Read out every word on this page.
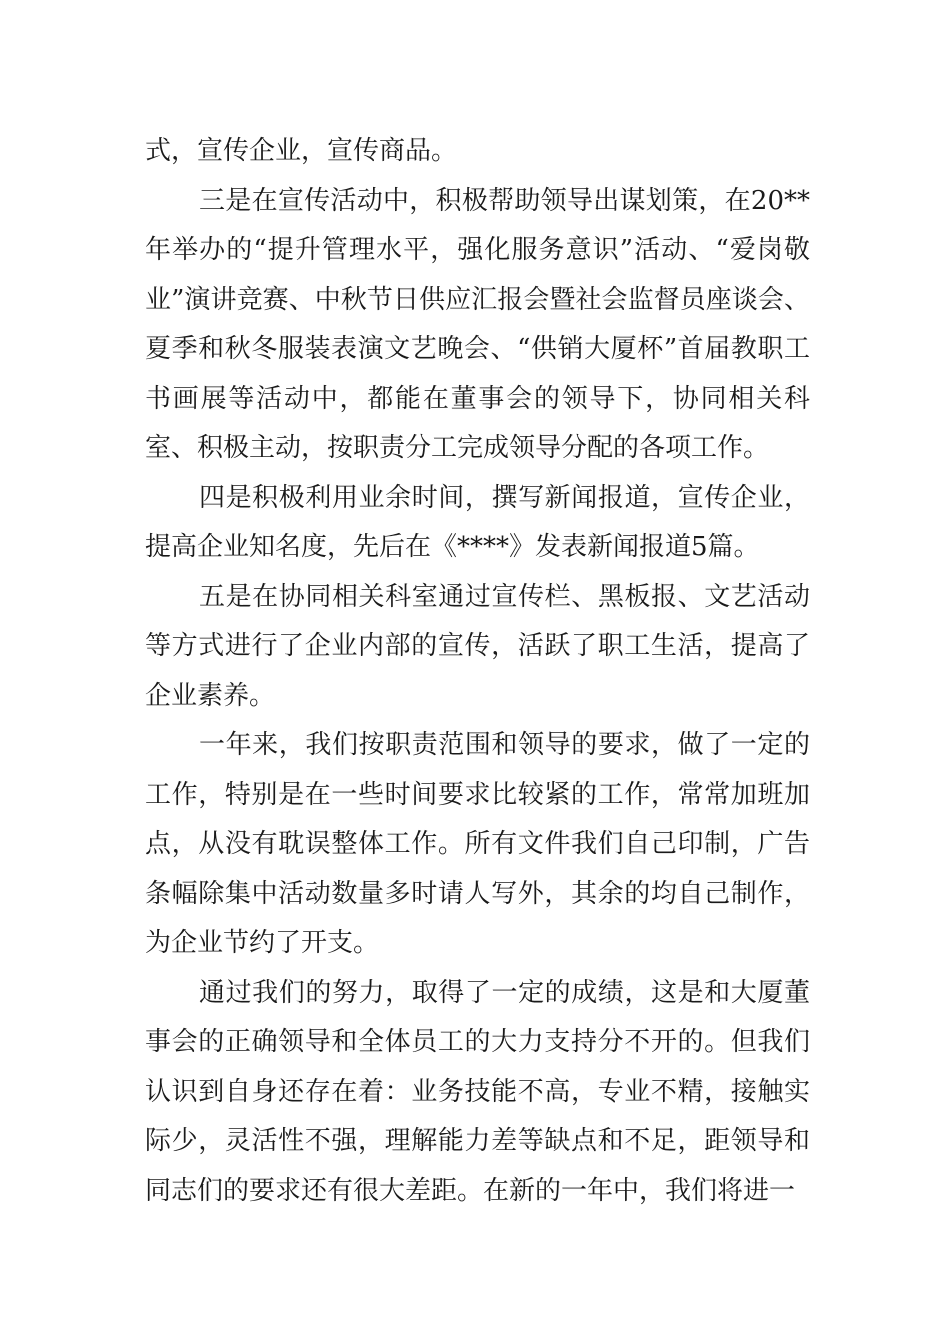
式，宣传企业，宣传商品。

三是在宣传活动中，积极帮助领导出谋划策，在20**年举办的“提升管理水平，强化服务意识”活动、“爱岗敬业”演讲竞赛、中秋节日供应汇报会暨社会监督员座谈会、夏季和秋冬服装表演文艺晚会、“供销大厦杯”首届教职工书画展等活动中，都能在董事会的领导下，协同相关科室、积极主动，按职责分工完成领导分配的各项工作。

四是积极利用业余时间，撰写新闻报道，宣传企业，提高企业知名度，先后在《****》发表新闻报道5篇。

五是在协同相关科室通过宣传栏、黑板报、文艺活动等方式进行了企业内部的宣传，活跃了职工生活，提高了企业素养。

一年来，我们按职责范围和领导的要求，做了一定的工作，特别是在一些时间要求比较紧的工作，常常加班加点，从没有耽误整体工作。所有文件我们自己印制，广告条幅除集中活动数量多时请人写外，其余的均自己制作，为企业节约了开支。

通过我们的努力，取得了一定的成绩，这是和大厦董事会的正确领导和全体员工的大力支持分不开的。但我们认识到自身还存在着：业务技能不高，专业不精，接触实际少，灵活性不强，理解能力差等缺点和不足，距领导和同志们的要求还有很大差距。在新的一年中，我们将进一
